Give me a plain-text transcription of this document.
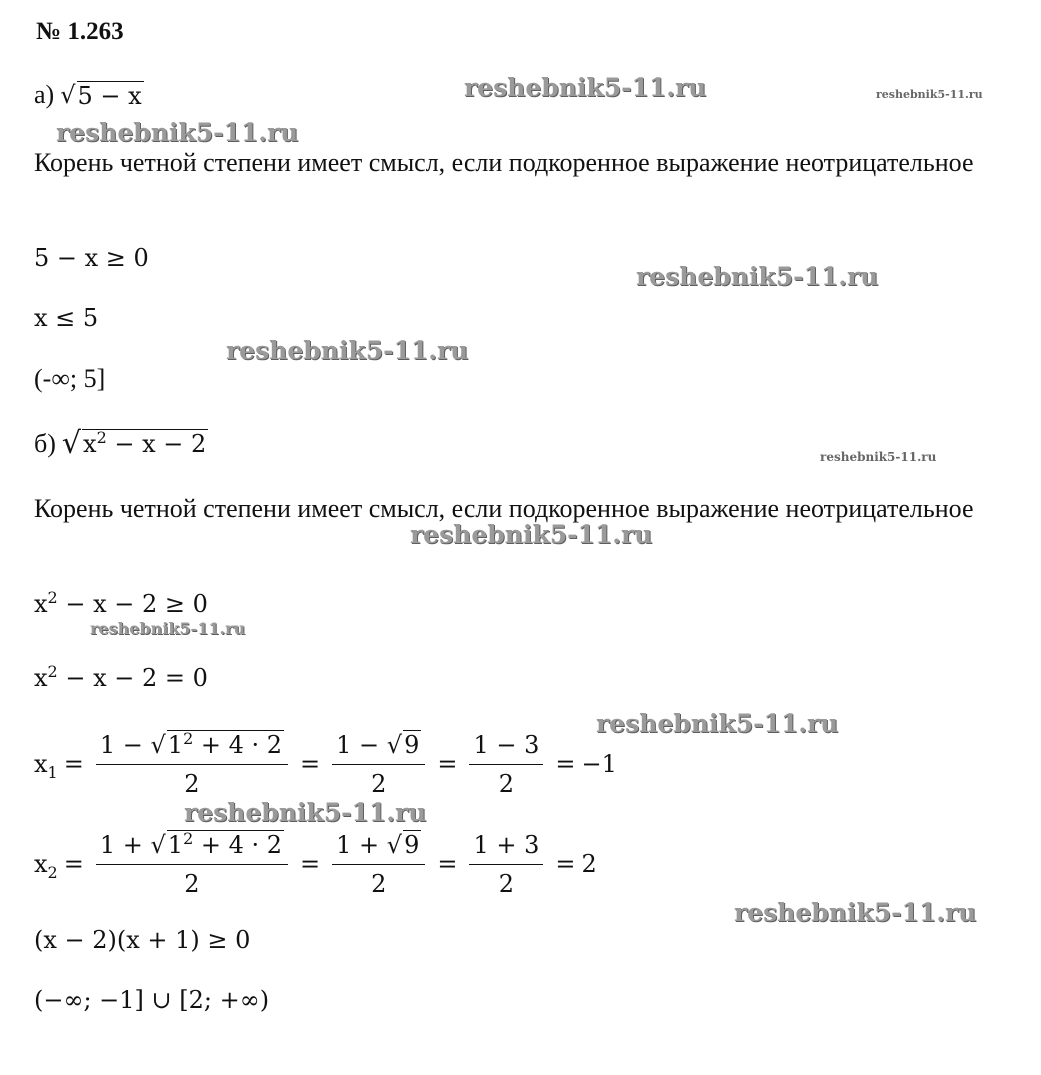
№ 1.263
а) √ 5 − x
Корень четной степени имеет смысл, если подкоренное выражение неотрицательное
5 − x ≥ 0
x ≤ 5
(-∞; 5]
б) √ $x^2 - x - 2$
Корень четной степени имеет смысл, если подкоренное выражение неотрицательное
$x^2 - x - 2 \ge 0$
$x^2 - x - 2 = 0$
$x_1 = \frac{1 - √1^2 + 4 \cdot 2}{2} = \frac{1 - √9}{2} = \frac{1 - 3}{2} = -1$
$x_2 = \frac{1 + √1^2 + 4 \cdot 2}{2} = \frac{1 + √9}{2} = \frac{1 + 3}{2} = 2$
(x − 2)(x + 1) ≥ 0
(−∞; −1] ∪ [2; +∞)
reshebnik5-11.ru	reshebnik5-11.ru
reshebnik5-11.ru
reshebnik5-11.ru
reshebnik5-11.ru
reshebnik5-11.ru
reshebnik5-11.ru
reshebnik5-11.ru
reshebnik5-11.ru
reshebnik5-11.ru
reshebnik5-11.ru
